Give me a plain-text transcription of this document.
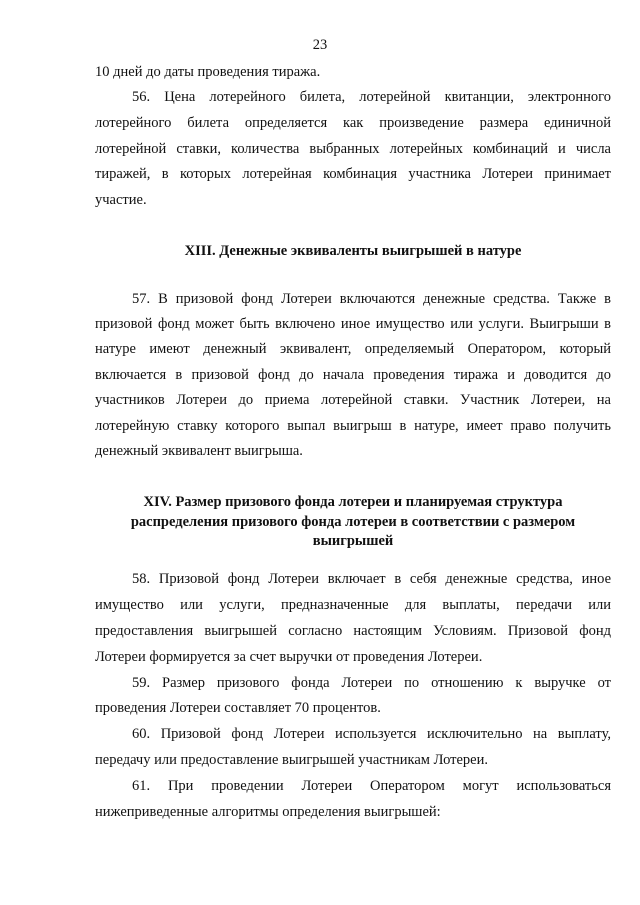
23
10 дней до даты проведения тиража.
56. Цена лотерейного билета, лотерейной квитанции, электронного
лотерейного билета определяется как произведение размера единичной
лотерейной ставки, количества выбранных лотерейных комбинаций и числа
тиражей, в которых лотерейная комбинация участника Лотереи принимает
участие.
XIII. Денежные эквиваленты выигрышей в натуре
57. В призовой фонд Лотереи включаются денежные средства. Также в
призовой фонд может быть включено иное имущество или услуги. Выигрыши в
натуре имеют денежный эквивалент, определяемый Оператором, который
включается в призовой фонд до начала проведения тиража и доводится до
участников Лотереи до приема лотерейной ставки. Участник Лотереи, на
лотерейную ставку которого выпал выигрыш в натуре, имеет право получить
денежный эквивалент выигрыша.
XIV. Размер призового фонда лотереи и планируемая структура
распределения призового фонда лотереи в соответствии с размером
выигрышей
58. Призовой фонд Лотереи включает в себя денежные средства, иное
имущество или услуги, предназначенные для выплаты, передачи или
предоставления выигрышей согласно настоящим Условиям. Призовой фонд
Лотереи формируется за счет выручки от проведения Лотереи.
59. Размер призового фонда Лотереи по отношению к выручке от
проведения Лотереи составляет 70 процентов.
60. Призовой фонд Лотереи используется исключительно на выплату,
передачу или предоставление выигрышей участникам Лотереи.
61. При проведении Лотереи Оператором могут использоваться
нижеприведенные алгоритмы определения выигрышей:
